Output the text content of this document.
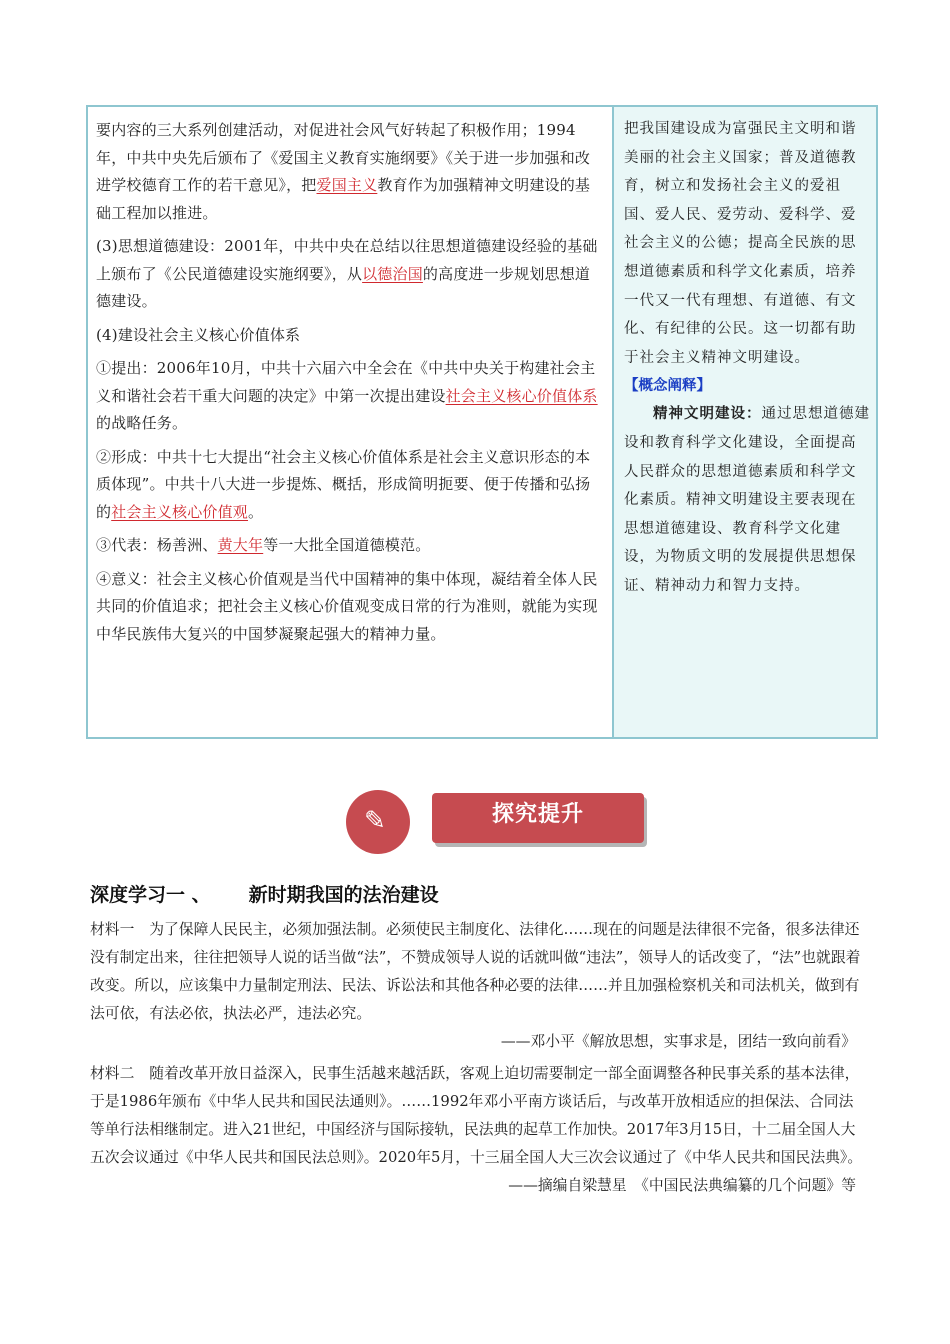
要内容的三大系列创建活动，对促进社会风气好转起了积极作用；1994年，中共中央先后颁布了《爱国主义教育实施纲要》《关于进一步加强和改进学校德育工作的若干意见》，把爱国主义教育作为加强精神文明建设的基础工程加以推进。

(3)思想道德建设：2001年，中共中央在总结以往思想道德建设经验的基础上颁布了《公民道德建设实施纲要》，从以德治国的高度进一步规划思想道德建设。

(4)建设社会主义核心价值体系

①提出：2006年10月，中共十六届六中全会在《中共中央关于构建社会主义和谐社会若干重大问题的决定》中第一次提出建设社会主义核心价值体系的战略任务。

②形成：中共十七大提出“社会主义核心价值体系是社会主义意识形态的本质体现”。中共十八大进一步提炼、概括，形成简明扼要、便于传播和弘扬的社会主义核心价值观。

③代表：杨善洲、黄大年等一大批全国道德模范。

④意义：社会主义核心价值观是当代中国精神的集中体现，凝结着全体人民共同的价值追求；把社会主义核心价值观变成日常的行为准则，就能为实现中华民族伟大复兴的中国梦凝聚起强大的精神力量。

把我国建设成为富强民主文明和谐美丽的社会主义国家；普及道德教育，树立和发扬社会主义的爱祖国、爱人民、爱劳动、爱科学、爱社会主义的公德；提高全民族的思想道德素质和科学文化素质，培养一代又一代有理想、有道德、有文化、有纪律的公民。这一切都有助于社会主义精神文明建设。

【概念阐释】

精神文明建设：通过思想道德建设和教育科学文化建设，全面提高人民群众的思想道德素质和科学文化素质。精神文明建设主要表现在思想道德建设、教育科学文化建设，为物质文明的发展提供思想保证、精神动力和智力支持。

✎	探究提升
深度学习一 、 新时期我国的法治建设

材料一　为了保障人民民主，必须加强法制。必须使民主制度化、法律化……现在的问题是法律很不完备，很多法律还没有制定出来，往往把领导人说的话当做“法”，不赞成领导人说的话就叫做“违法”，领导人的话改变了，“法”也就跟着改变。所以，应该集中力量制定刑法、民法、诉讼法和其他各种必要的法律……并且加强检察机关和司法机关，做到有法可依，有法必依，执法必严，违法必究。

——邓小平《解放思想，实事求是，团结一致向前看》

材料二　随着改革开放日益深入，民事生活越来越活跃，客观上迫切需要制定一部全面调整各种民事关系的基本法律，于是1986年颁布《中华人民共和国民法通则》。……1992年邓小平南方谈话后，与改革开放相适应的担保法、合同法等单行法相继制定。进入21世纪，中国经济与国际接轨，民法典的起草工作加快。2017年3月15日，十二届全国人大五次会议通过《中华人民共和国民法总则》。2020年5月，十三届全国人大三次会议通过了《中华人民共和国民法典》。

——摘编自梁慧星　《中国民法典编纂的几个问题》等
